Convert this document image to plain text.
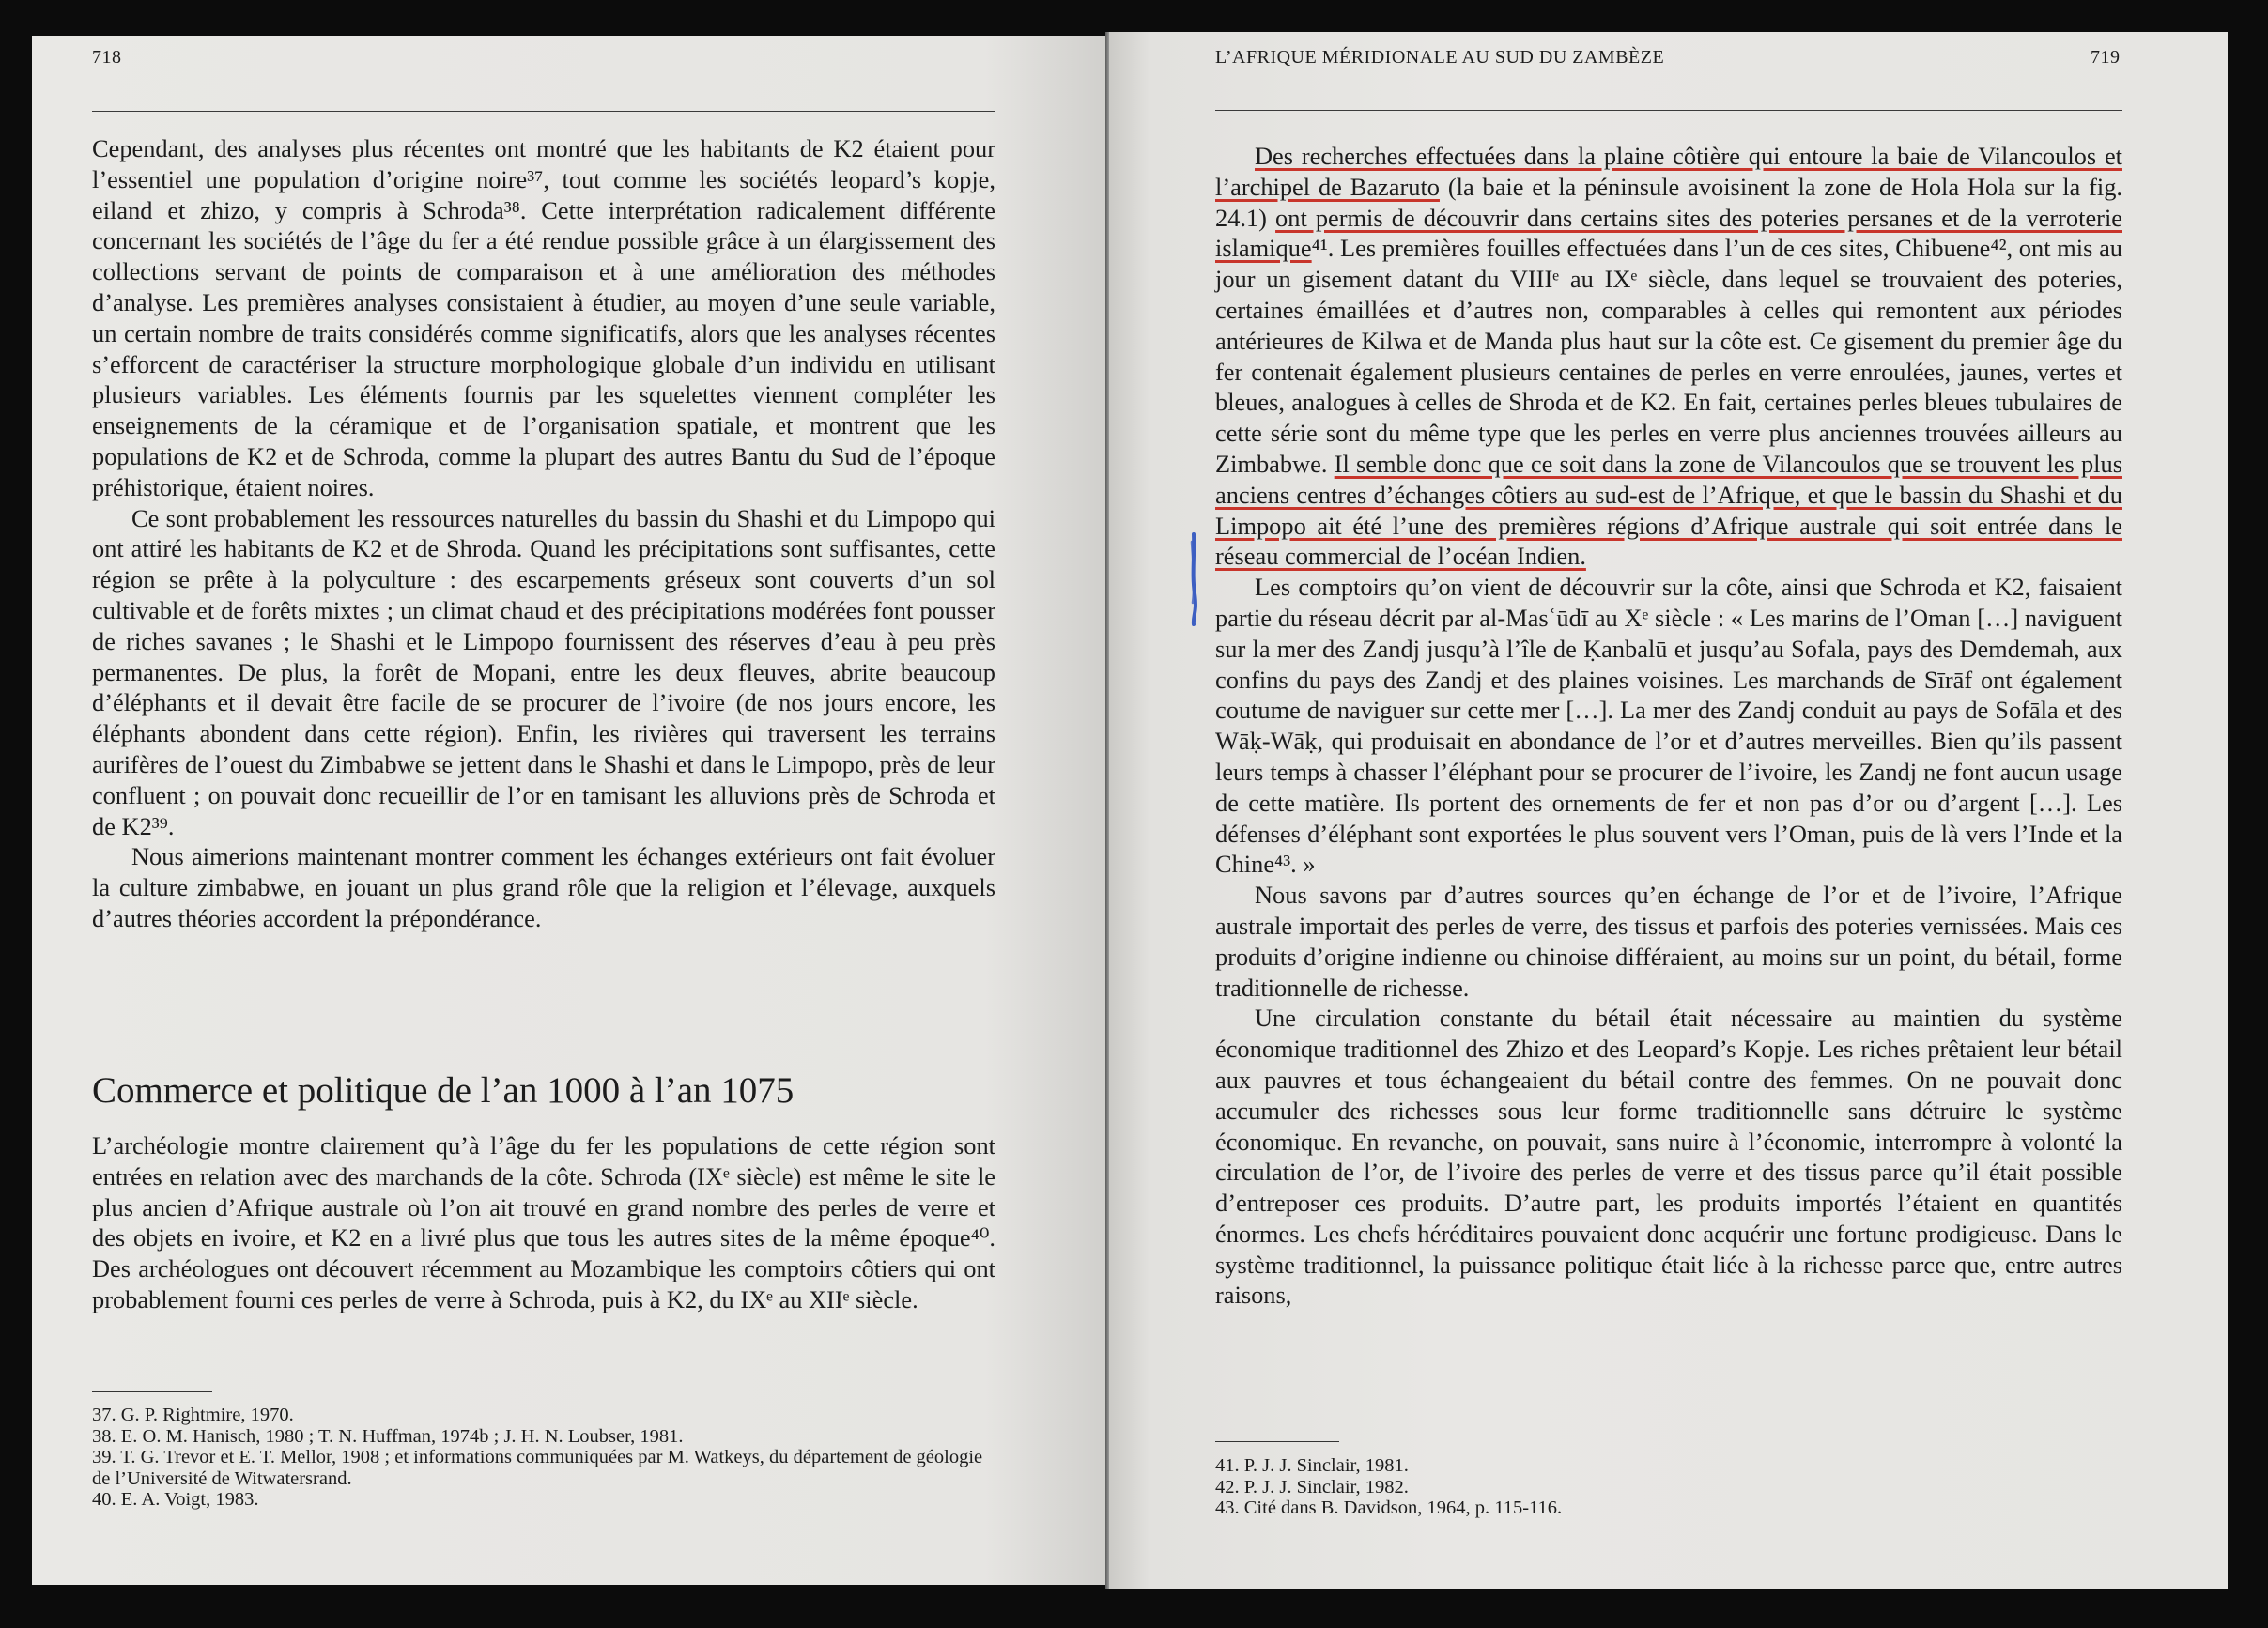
718

Cependant, des analyses plus récentes ont montré que les habitants de K2 étaient pour l’essentiel une population d’origine noire³⁷, tout comme les sociétés leopard’s kopje, eiland et zhizo, y compris à Schroda³⁸. Cette interprétation radicalement différente concernant les sociétés de l’âge du fer a été rendue possible grâce à un élargissement des collections servant de points de comparaison et à une amélioration des méthodes d’analyse. Les premières analyses consistaient à étudier, au moyen d’une seule variable, un certain nombre de traits considérés comme significatifs, alors que les analyses récentes s’efforcent de caractériser la structure morphologique globale d’un individu en utilisant plusieurs variables. Les éléments fournis par les squelettes viennent compléter les enseignements de la céramique et de l’organisation spatiale, et montrent que les populations de K2 et de Schroda, comme la plupart des autres Bantu du Sud de l’époque préhistorique, étaient noires.

Ce sont probablement les ressources naturelles du bassin du Shashi et du Limpopo qui ont attiré les habitants de K2 et de Shroda. Quand les précipitations sont suffisantes, cette région se prête à la polyculture : des escarpements gréseux sont couverts d’un sol cultivable et de forêts mixtes ; un climat chaud et des précipitations modérées font pousser de riches savanes ; le Shashi et le Limpopo fournissent des réserves d’eau à peu près permanentes. De plus, la forêt de Mopani, entre les deux fleuves, abrite beaucoup d’éléphants et il devait être facile de se procurer de l’ivoire (de nos jours encore, les éléphants abondent dans cette région). Enfin, les rivières qui traversent les terrains aurifères de l’ouest du Zimbabwe se jettent dans le Shashi et dans le Limpopo, près de leur confluent ; on pouvait donc recueillir de l’or en tamisant les alluvions près de Schroda et de K2³⁹.

Nous aimerions maintenant montrer comment les échanges extérieurs ont fait évoluer la culture zimbabwe, en jouant un plus grand rôle que la religion et l’élevage, auxquels d’autres théories accordent la prépondérance.

Commerce et politique de l’an 1000 à l’an 1075

L’archéologie montre clairement qu’à l’âge du fer les populations de cette région sont entrées en relation avec des marchands de la côte. Schroda (IXᵉ siècle) est même le site le plus ancien d’Afrique australe où l’on ait trouvé en grand nombre des perles de verre et des objets en ivoire, et K2 en a livré plus que tous les autres sites de la même époque⁴⁰. Des archéologues ont découvert récemment au Mozambique les comptoirs côtiers qui ont probablement fourni ces perles de verre à Schroda, puis à K2, du IXᵉ au XIIᵉ siècle.

37. G. P. Rightmire, 1970.
38. E. O. M. Hanisch, 1980 ; T. N. Huffman, 1974b ; J. H. N. Loubser, 1981.
39. T. G. Trevor et E. T. Mellor, 1908 ; et informations communiquées par M. Watkeys, du département de géologie de l’Université de Witwatersrand.
40. E. A. Voigt, 1983.
L’AFRIQUE MÉRIDIONALE AU SUD DU ZAMBÈZE	719

Des recherches effectuées dans la plaine côtière qui entoure la baie de Vilancoulos et l’archipel de Bazaruto (la baie et la péninsule avoisinent la zone de Hola Hola sur la fig. 24.1) ont permis de découvrir dans certains sites des poteries persanes et de la verroterie islamique⁴¹. Les premières fouilles effectuées dans l’un de ces sites, Chibuene⁴², ont mis au jour un gisement datant du VIIIᵉ au IXᵉ siècle, dans lequel se trouvaient des poteries, certaines émaillées et d’autres non, comparables à celles qui remontent aux périodes antérieures de Kilwa et de Manda plus haut sur la côte est. Ce gisement du premier âge du fer contenait également plusieurs centaines de perles en verre enroulées, jaunes, vertes et bleues, analogues à celles de Shroda et de K2. En fait, certaines perles bleues tubulaires de cette série sont du même type que les perles en verre plus anciennes trouvées ailleurs au Zimbabwe. Il semble donc que ce soit dans la zone de Vilancoulos que se trouvent les plus anciens centres d’échanges côtiers au sud-est de l’Afrique, et que le bassin du Shashi et du Limpopo ait été l’une des premières régions d’Afrique australe qui soit entrée dans le réseau commercial de l’océan Indien.

Les comptoirs qu’on vient de découvrir sur la côte, ainsi que Schroda et K2, faisaient partie du réseau décrit par al-Masʿūdī au Xᵉ siècle : « Les marins de l’Oman […] naviguent sur la mer des Zandj jusqu’à l’île de Ḳanbalū et jusqu’au Sofala, pays des Demdemah, aux confins du pays des Zandj et des plaines voisines. Les marchands de Sīrāf ont également coutume de naviguer sur cette mer […]. La mer des Zandj conduit au pays de Sofāla et des Wāḳ-Wāḳ, qui produisait en abondance de l’or et d’autres merveilles. Bien qu’ils passent leurs temps à chasser l’éléphant pour se procurer de l’ivoire, les Zandj ne font aucun usage de cette matière. Ils portent des ornements de fer et non pas d’or ou d’argent […]. Les défenses d’éléphant sont exportées le plus souvent vers l’Oman, puis de là vers l’Inde et la Chine⁴³. »

Nous savons par d’autres sources qu’en échange de l’or et de l’ivoire, l’Afrique australe importait des perles de verre, des tissus et parfois des poteries vernissées. Mais ces produits d’origine indienne ou chinoise différaient, au moins sur un point, du bétail, forme traditionnelle de richesse.

Une circulation constante du bétail était nécessaire au maintien du système économique traditionnel des Zhizo et des Leopard’s Kopje. Les riches prêtaient leur bétail aux pauvres et tous échangeaient du bétail contre des femmes. On ne pouvait donc accumuler des richesses sous leur forme traditionnelle sans détruire le système économique. En revanche, on pouvait, sans nuire à l’économie, interrompre à volonté la circulation de l’or, de l’ivoire des perles de verre et des tissus parce qu’il était possible d’entreposer ces produits. D’autre part, les produits importés l’étaient en quantités énormes. Les chefs héréditaires pouvaient donc acquérir une fortune prodigieuse. Dans le système traditionnel, la puissance politique était liée à la richesse parce que, entre autres raisons,

41. P. J. J. Sinclair, 1981.
42. P. J. J. Sinclair, 1982.
43. Cité dans B. Davidson, 1964, p. 115-116.
